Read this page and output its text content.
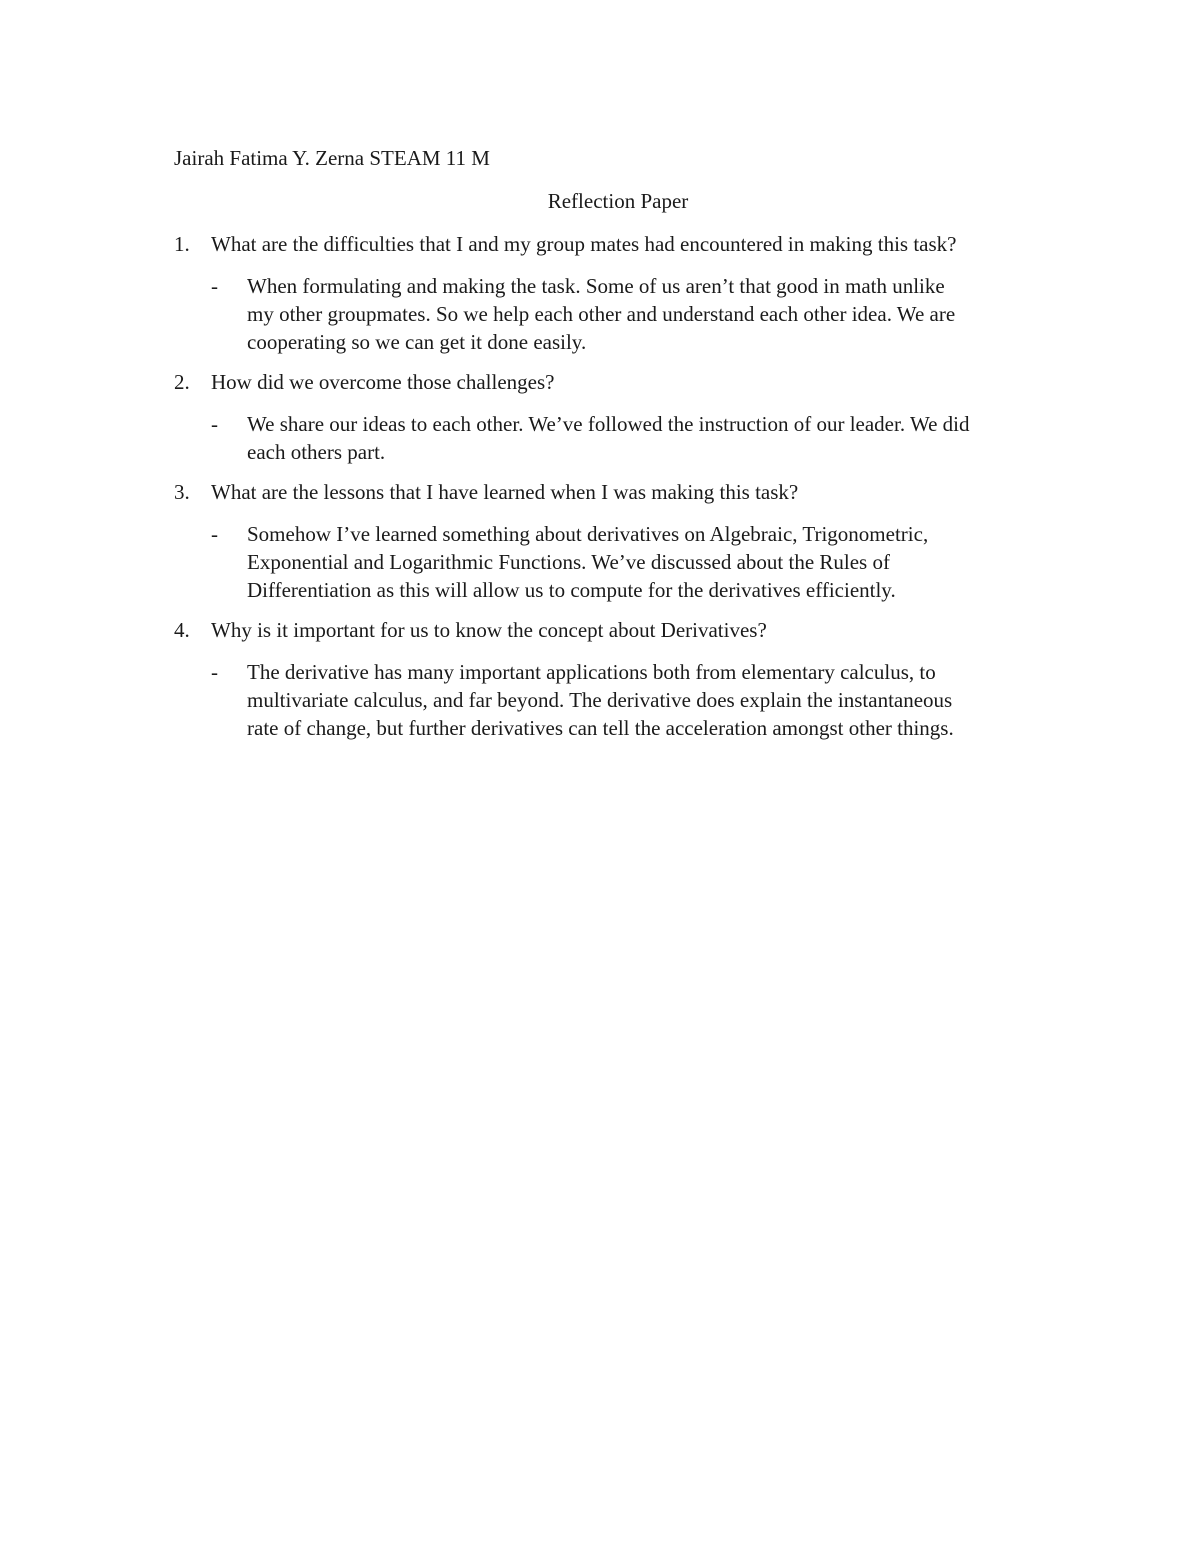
Jairah Fatima Y. Zerna STEAM 11 M
Reflection Paper
1.	What are the difficulties that I and my group mates had encountered in making this task?
- When formulating and making the task. Some of us aren’t that good in math unlike
my other groupmates. So we help each other and understand each other idea. We are
cooperating so we can get it done easily.
2.	How did we overcome those challenges?
- We share our ideas to each other. We’ve followed the instruction of our leader. We did
each others part.
3.	What are the lessons that I have learned when I was making this task?
- Somehow I’ve learned something about derivatives on Algebraic, Trigonometric,
Exponential and Logarithmic Functions. We’ve discussed about the Rules of
Differentiation as this will allow us to compute for the derivatives efficiently.
4.	Why is it important for us to know the concept about Derivatives?
- The derivative has many important applications both from elementary calculus, to
multivariate calculus, and far beyond. The derivative does explain the instantaneous
rate of change, but further derivatives can tell the acceleration amongst other things.
